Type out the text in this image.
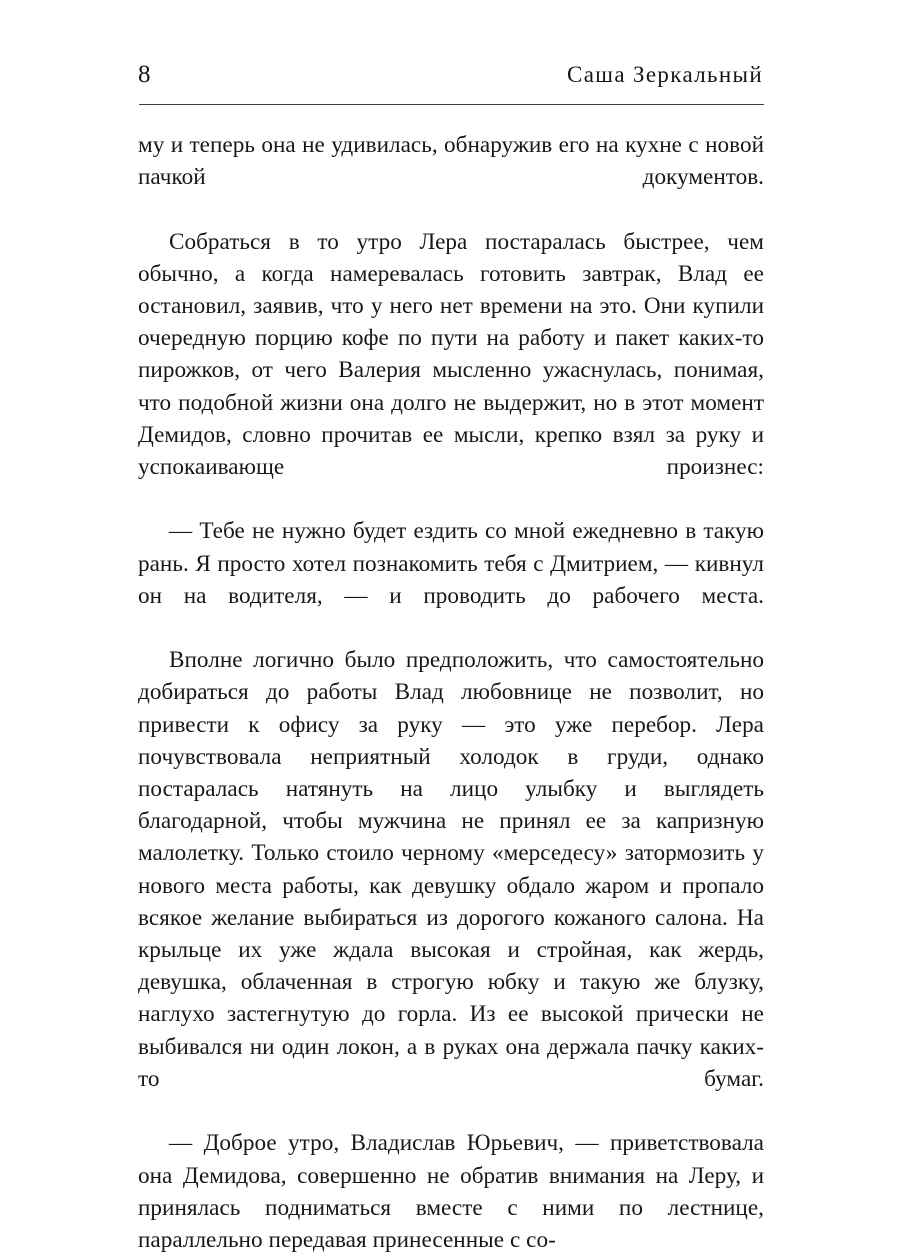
8	Саша Зеркальный

му и теперь она не удивилась, обнаружив его на кухне с новой пачкой документов.

Собраться в то утро Лера постаралась быстрее, чем обычно, а когда намеревалась готовить завтрак, Влад ее остановил, заявив, что у него нет времени на это. Они купили очередную порцию кофе по пути на работу и пакет каких-то пирожков, от чего Валерия мысленно ужаснулась, понимая, что подобной жизни она долго не выдержит, но в этот момент Демидов, словно прочитав ее мысли, крепко взял за руку и успокаивающе произнес:

— Тебе не нужно будет ездить со мной ежедневно в такую рань. Я просто хотел познакомить тебя с Дмитрием, — кивнул он на водителя, — и проводить до рабочего места.

Вполне логично было предположить, что самостоятельно добираться до работы Влад любовнице не позволит, но привести к офису за руку — это уже перебор. Лера почувствовала неприятный холодок в груди, однако постаралась натянуть на лицо улыбку и выглядеть благодарной, чтобы мужчина не принял ее за капризную малолетку. Только стоило черному «мерседесу» затормозить у нового места работы, как девушку обдало жаром и пропало всякое желание выбираться из дорогого кожаного салона. На крыльце их уже ждала высокая и стройная, как жердь, девушка, облаченная в строгую юбку и такую же блузку, наглухо застегнутую до горла. Из ее высокой прически не выбивался ни один локон, а в руках она держала пачку каких-то бумаг.

— Доброе утро, Владислав Юрьевич, — приветствовала она Демидова, совершенно не обратив внимания на Леру, и принялась подниматься вместе с ними по лестнице, параллельно передавая принесенные с со-
